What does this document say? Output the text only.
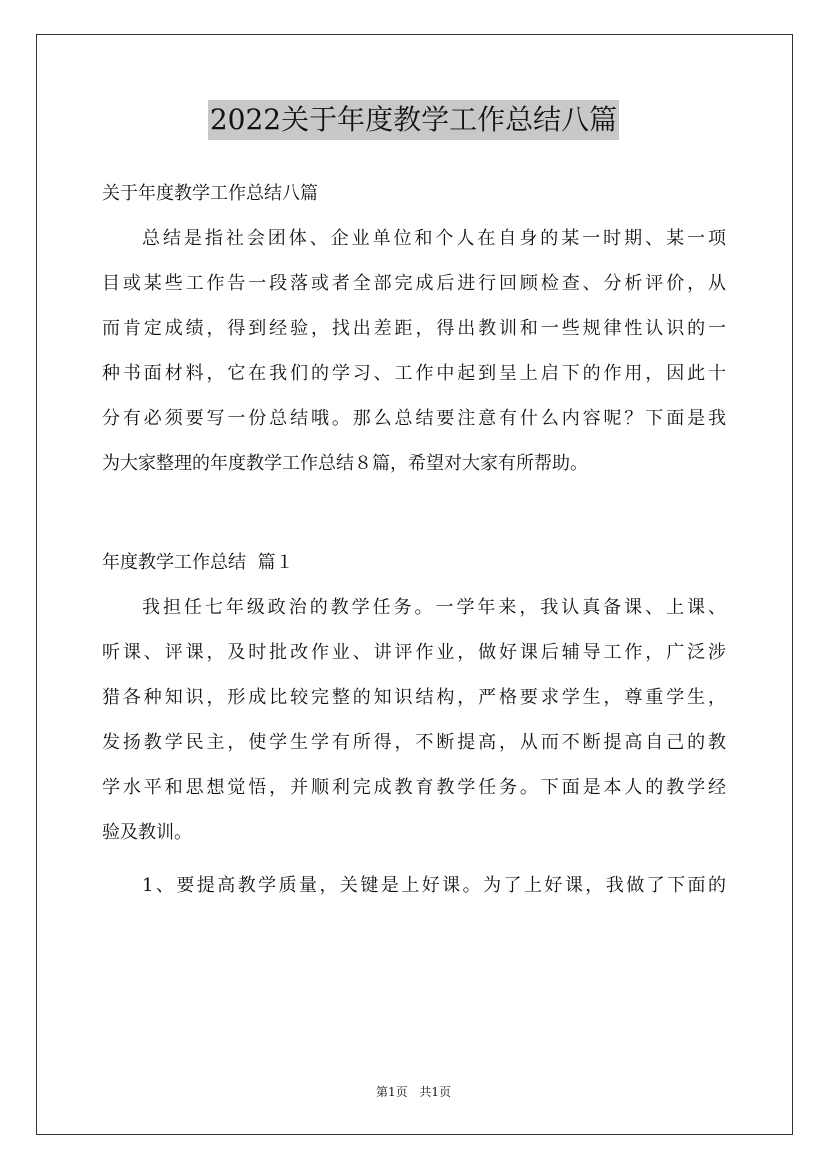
2022关于年度教学工作总结八篇
关于年度教学工作总结八篇
总结是指社会团体、企业单位和个人在自身的某一时期、某一项
目或某些工作告一段落或者全部完成后进行回顾检查、分析评价，从
而肯定成绩，得到经验，找出差距，得出教训和一些规律性认识的一
种书面材料，它在我们的学习、工作中起到呈上启下的作用，因此十
分有必须要写一份总结哦。那么总结要注意有什么内容呢？下面是我
为大家整理的年度教学工作总结８篇，希望对大家有所帮助。
年度教学工作总结  篇１
我担任七年级政治的教学任务。一学年来，我认真备课、上课、
听课、评课，及时批改作业、讲评作业，做好课后辅导工作，广泛涉
猎各种知识，形成比较完整的知识结构，严格要求学生，尊重学生，
发扬教学民主，使学生学有所得，不断提高，从而不断提高自己的教
学水平和思想觉悟，并顺利完成教育教学任务。下面是本人的教学经
验及教训。
1、要提高教学质量，关键是上好课。为了上好课，我做了下面的
第1页 共1页
